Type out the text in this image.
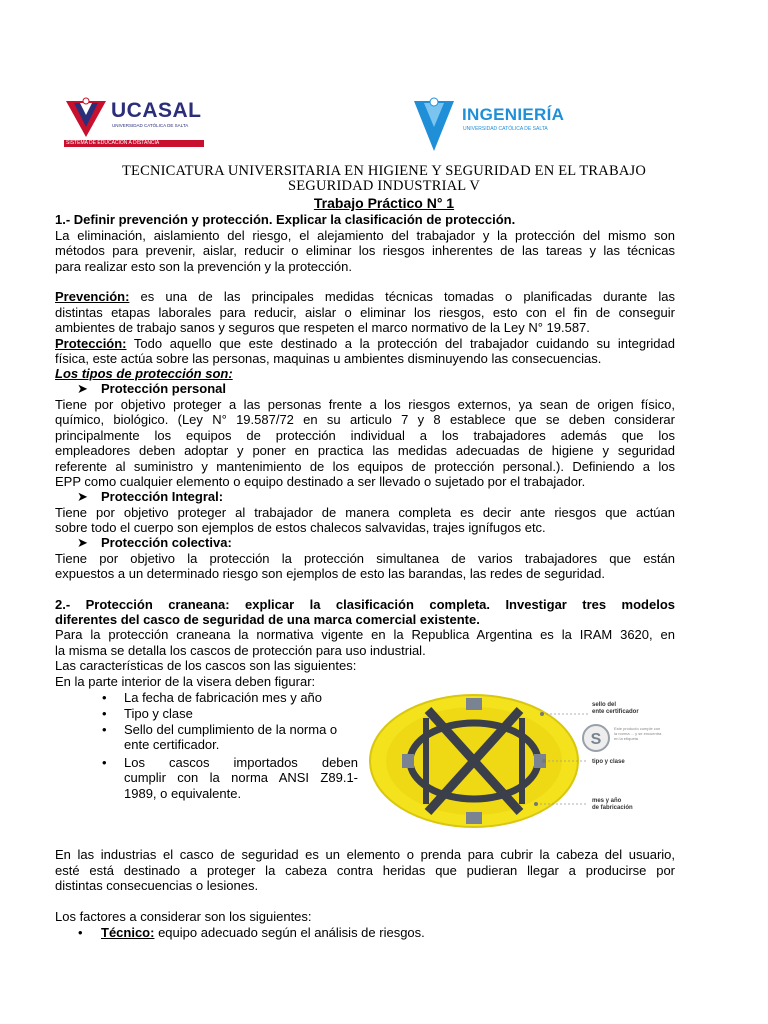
UCASAL
UNIVERSIDAD CATÓLICA DE SALTA
SISTEMA DE EDUCACIÓN A DISTANCIA
INGENIERÍA
UNIVERSIDAD CATÓLICA DE SALTA
TECNICATURA UNIVERSITARIA EN HIGIENE Y SEGURIDAD EN EL TRABAJO
SEGURIDAD INDUSTRIAL V
Trabajo Práctico N° 1
1.- Definir prevención y protección. Explicar la clasificación de protección.
La eliminación, aislamiento del riesgo, el alejamiento del trabajador y la protección del mismo son
métodos para prevenir, aislar, reducir o eliminar los riesgos inherentes de las tareas y las técnicas
para realizar esto son la prevención y la protección.
Prevención: es una de las principales medidas técnicas tomadas o planificadas durante las
distintas etapas laborales para reducir, aislar o eliminar los riesgos, esto con el fin de conseguir
ambientes de trabajo sanos y seguros que respeten el marco normativo de la Ley N° 19.587.
Protección: Todo aquello que este destinado a la protección del trabajador cuidando su integridad
física, este actúa sobre las personas, maquinas u ambientes disminuyendo las consecuencias.
Los tipos de protección son:
➤ Protección personal
Tiene por objetivo proteger a las personas frente a los riesgos externos, ya sean de origen físico,
químico, biológico. (Ley N° 19.587/72 en su articulo 7 y 8 establece que se deben considerar
principalmente los equipos de protección individual a los trabajadores además que los
empleadores deben adoptar y poner en practica las medidas adecuadas de higiene y seguridad
referente al suministro y mantenimiento de los equipos de protección personal.). Definiendo a los
EPP como cualquier elemento o equipo destinado a ser llevado o sujetado por el trabajador.
➤ Protección Integral:
Tiene por objetivo proteger al trabajador de manera completa es decir ante riesgos que actúan
sobre todo el cuerpo son ejemplos de estos chalecos salvavidas, trajes ignífugos etc.
➤ Protección colectiva:
Tiene por objetivo la protección la protección simultanea de varios trabajadores que están
expuestos a un determinado riesgo son ejemplos de esto las barandas, las redes de seguridad.
2.- Protección craneana: explicar la clasificación completa. Investigar tres modelos
diferentes del casco de seguridad de una marca comercial existente.
Para la protección craneana la normativa vigente en la Republica Argentina es la IRAM 3620, en
la misma se detalla los cascos de protección para uso industrial.
Las características de los cascos son las siguientes:
En la parte interior de la visera deben figurar:
• La fecha de fabricación mes y año
• Tipo y clase
• Sello del cumplimiento de la norma o
ente certificador.
• Los cascos importados deben
cumplir con la norma ANSI Z89.1-
1989, o equivalente.
S
Este producto cumple con
la norma ... y se encuentra
en la etiqueta
sello del
ente certificador
tipo y clase
mes y año
de fabricación
En las industrias el casco de seguridad es un elemento o prenda para cubrir la cabeza del usuario,
esté está destinado a proteger la cabeza contra heridas que pudieran llegar a producirse por
distintas consecuencias o lesiones.
Los factores a considerar son los siguientes:
• Técnico: equipo adecuado según el análisis de riesgos.
